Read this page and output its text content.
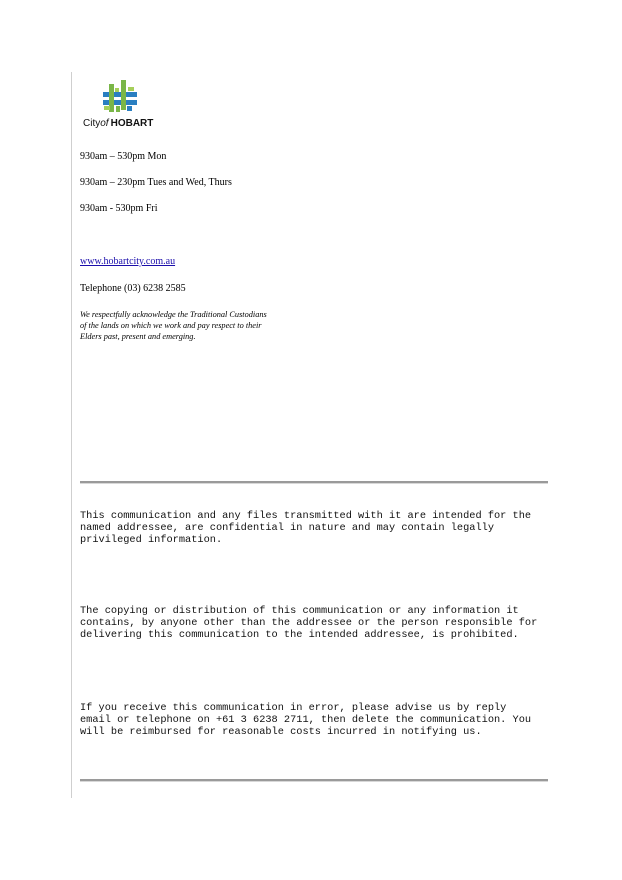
Cityof  HOBART
930am – 530pm Mon
930am – 230pm Tues and Wed, Thurs
930am - 530pm Fri
www.hobartcity.com.au
Telephone (03) 6238 2585
We respectfully acknowledge the Traditional Custodians
of the lands on which we work and pay respect to their
Elders past, present and emerging.
This communication and any files transmitted with it are intended for the
named addressee, are confidential in nature and may contain legally
privileged information.
The copying or distribution of this communication or any information it
contains, by anyone other than the addressee or the person responsible for
delivering this communication to the intended addressee, is prohibited.
If you receive this communication in error, please advise us by reply
email or telephone on +61 3 6238 2711, then delete the communication. You
will be reimbursed for reasonable costs incurred in notifying us.
